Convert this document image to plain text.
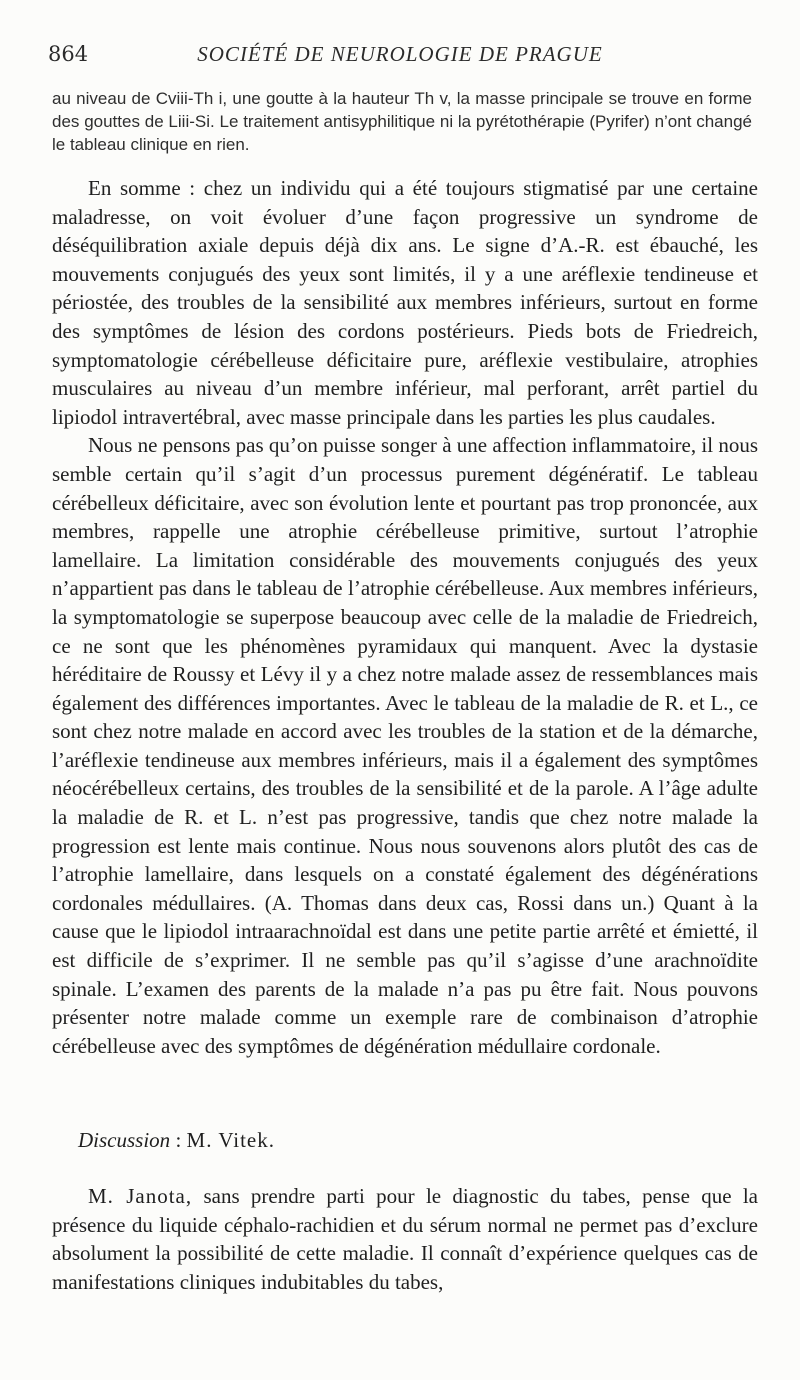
864	SOCIÉTÉ DE NEUROLOGIE DE PRAGUE
au niveau de Cviii-Th i, une goutte à la hauteur Th v, la masse principale se trouve en forme des gouttes de Liii-Si. Le traitement antisyphilitique ni la pyrétothérapie (Pyrifer) n’ont changé le tableau clinique en rien.

En somme : chez un individu qui a été toujours stigmatisé par une certaine maladresse, on voit évoluer d’une façon progressive un syndrome de déséquilibration axiale depuis déjà dix ans. Le signe d’A.-R. est ébauché, les mouvements conjugués des yeux sont limités, il y a une aréflexie tendineuse et périostée, des troubles de la sensibilité aux membres inférieurs, surtout en forme des symptômes de lésion des cordons postérieurs. Pieds bots de Friedreich, symptomatologie cérébelleuse déficitaire pure, aréflexie vestibulaire, atrophies musculaires au niveau d’un membre inférieur, mal perforant, arrêt partiel du lipiodol intravertébral, avec masse principale dans les parties les plus caudales.

Nous ne pensons pas qu’on puisse songer à une affection inflammatoire, il nous semble certain qu’il s’agit d’un processus purement dégénératif. Le tableau cérébelleux déficitaire, avec son évolution lente et pourtant pas trop prononcée, aux membres, rappelle une atrophie cérébelleuse primitive, surtout l’atrophie lamellaire. La limitation considérable des mouvements conjugués des yeux n’appartient pas dans le tableau de l’atrophie cérébelleuse. Aux membres inférieurs, la symptomatologie se superpose beaucoup avec celle de la maladie de Friedreich, ce ne sont que les phénomènes pyramidaux qui manquent. Avec la dystasie héréditaire de Roussy et Lévy il y a chez notre malade assez de ressemblances mais également des différences importantes. Avec le tableau de la maladie de R. et L., ce sont chez notre malade en accord avec les troubles de la station et de la démarche, l’aréflexie tendineuse aux membres inférieurs, mais il a également des symptômes néocérébelleux certains, des troubles de la sensibilité et de la parole. A l’âge adulte la maladie de R. et L. n’est pas progressive, tandis que chez notre malade la progression est lente mais continue. Nous nous souvenons alors plutôt des cas de l’atrophie lamellaire, dans lesquels on a constaté également des dégénérations cordonales médullaires. (A. Thomas dans deux cas, Rossi dans un.) Quant à la cause que le lipiodol intraarachnoïdal est dans une petite partie arrêté et émietté, il est difficile de s’exprimer. Il ne semble pas qu’il s’agisse d’une arachnoïdite spinale. L’examen des parents de la malade n’a pas pu être fait. Nous pouvons présenter notre malade comme un exemple rare de combinaison d’atrophie cérébelleuse avec des symptômes de dégénération médullaire cordonale.

Discussion : M. Vitek.
M. Janota, sans prendre parti pour le diagnostic du tabes, pense que la présence du liquide céphalo-rachidien et du sérum normal ne permet pas d’exclure absolument la possibilité de cette maladie. Il connaît d’expérience quelques cas de manifestations cliniques indubitables du tabes,
